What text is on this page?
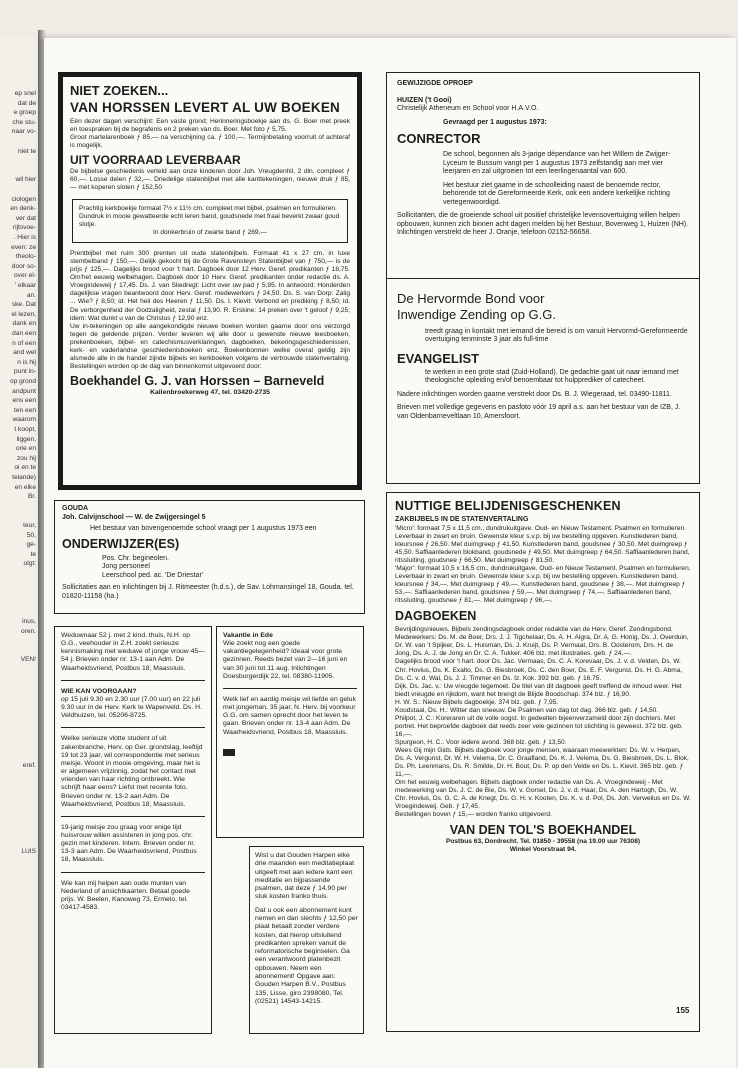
ep snel
dat de
e groep
che stu-
naar vo-
niet te
wil hier
ciologen
en denk-
ver dat
rijtsvoe-
. Hier is
even: ze
theolo-
door so-
over el-
' elkaar
an.
ske. Dat
el lezen,
dank en
dan een
n of een
and wel
n is hij
punt in-
op grond
andpunt
ens een
ten een
waarom
t koopt,
liggen,
orie en
zou hij
oi en te
telande)
en elke
Br.
teur,
50,
ge-
te
olgt:
inus,
oren.
VEN!
eref.
LUIS
NIET ZOEKEN...
VAN HORSSEN LEVERT AL UW BOEKEN

Eén dezer dagen verschijnt: Een vaste grond; Herinneringsboekje aan ds. G. Boer met preek en toespraken bij de begrafenis en 2 preken van ds. Boer. Met foto ƒ 5,75.

Groot martelarenboek ƒ 85,— na verschijning ca. ƒ 100,—. Termijnbetaling voorruit of achteraf is mogelijk.

UIT VOORRAAD LEVERBAAR

De bijbelse geschiedenis verteld aan onze kinderen door Joh. Vreugdenhil, 2 dln. compleet ƒ 60,—. Losse delen ƒ 32,—. Driedelige statenbijbel met alle kanttekeningen, nieuwe druk ƒ 85,— met koperen sloten ƒ 152,50

Prachtig kerkboekje formaat 7½ x 11½ cm. compleet met bijbel, psalmen en formulieren. Dundruk in mooie gewatteerde echt leren band, goudsnede met fraai beverkt zwaar goud slotje.

In donkerbruin of zwarte band ƒ 269,—

Prentbijbel met ruim 300 prenten uit oude statenbijbels. Formaat 41 x 27 cm. in luxe stembelband ƒ 150,—. Gelijk gekocht bij de Grote Ravensteyn Statenbijbel van ƒ 750,— is de prijs ƒ 125,—. Dagelijks brood voor 't hart. Dagboek door 12 Herv. Geref. predikanten ƒ 18,75. Om'het eeuwig welbehagen. Dagboek door 10 Herv. Geref. predikanten onder redactie ds. A. Vroegindeweij ƒ 17,45. Ds. J. van Sliedregt: Licht over uw pad ƒ 5,95. In antwoord: Honderden dagelijkse vragen beantwoord door Herv. Geref. medewerkers ƒ 24,50. Ds. S. van Dorp: Zalig ... Wie? ƒ 8,50; id. Het heil des Heeren ƒ 11,50. Ds. I. Kievit: Verbond en prediking ƒ 8,50; id. De verborgenheid der Godzaligheid, zestal ƒ 13,90. R. Erskine: 14 preken over 't geloof ƒ 9,25; idem: Wat dunkt u van de Christus ƒ 12,90 enz.

Uw in-tekeningen op alle aangekondigde nieuwe boeken worden gaarne door ons verzorgd tegen de geldende prijzen. Verder leveren wij alle door u gewenste nieuwe leesboeken, prekenboeken, bijbel- en catechismusverklaringen, dagboeken, bekeringsgeschiedenissen, kerk- en vaderlandse geschiedenisboeken enz. Boekenbonnen welke overal geldig zijn alsmede alle in de handel zijnde bijbels en kerkboeken volgens de vertrouwde statenvertaling. Bestellingen worden op de dag van binnenkomst uitgevoerd door:

Boekhandel G. J. van Horssen – Barneveld

Kallenbroekerweg 47, tel. 03420-2735

GOUDA

Joh. Calvijnschool — W. de Zwijgersingel 5

Het bestuur van bovengenoemde school vraagt per 1 augustus 1973 een

ONDERWIJZER(ES)

Pos. Chr. begineolen.

Jong personeel

Leerschool ped. ac. 'De Driestar'

Sollicitaties aan en inlichtingen bij J. Ritmeester (h.d.s.), de Sav. Lohmansingel 18, Gouda. tel. 01820-11158 (ha.)

Weduwnaar 52 j. met 2 kind. thuis, N.H. op G.G., veehouder in Z.H. zoekt serieuze kennismaking met weduwe of jonge vrouw 45—54 j. Brieven onder nr. 13-1 aan Adm. De Waarheidsvriend, Postbus 18, Maassluis.

WIE KAN VOORGAAN?

op 15 juli 9.30 en 2.30 uur (7.00 uur) en 22 juli 9.30 uur in de Herv. Kerk te Wapenveld. Ds. H. Veldhuizen, tel. 05206-8725.

Welke serieuze vlotte student of uit zakenbranche, Herv. op Ger. grondslag, leeftijd 19 tot 23 jaar, wil correspondentie met serieus meisje. Woont in mooie omgeving, maar het is er algemeen vrijzinnig, zodat het contact met vrienden van haar richting ontbreekt. Wie schrijft haar eens? Liefst met recente foto. Brieven onder nr. 13-2 aan Adm. De Waarheidsvriend, Postbus 18, Maassluis.

19-jarig meisje zou graag voor enige tijd huisvrouw willen assisteren in jong pos. chr. gezin met kinderen. Intern. Brieven onder nr. 13-3 aan Adm. De Waarheidsvriend, Postbus 18, Maassluis.

Wie kan mij helpen aan oude munten van Nederland of ansichtkaarten. Betaal goede prijs. W. Beelen, Kanoweg 73, Ermelo, tel. 03417-4583.

Vakantie in Ede

Wie zoekt nog een goede vakantiegelegenheid? Ideaal voor grote gezinnen. Reeds bezet van 2—16 juni en van 30 juni tot 11 aug. Inlichtingen Doesburgerdijk 22, tel. 08380-11905.

Welk lief en aardig meisje wil liefde en geluk met jongeman, 35 jaar, N. Herv. bij voorkeur G.G. om samen oprecht door het leven te gaan. Brieven onder nr. 13-4 aan Adm. De Waarheidsvriend, Postbus 18, Maassluis.

Wist u dat Gouden Harpen elke drie maanden een meditatieplaat uitgeeft met aan iedere kant een meditatie en bijpassende psalmen, dat deze ƒ 14,90 per stuk kosten franko thuis.

Dat u ook een abonnement kunt nemen en dan slechts ƒ 12,50 per plaat betaalt zonder verdere kosten, dat hierop uitsluitend predikanten spreken vanuit de reformatorische beginselen. Ga een verantwoord platenbezit opbouwen. Neem een abonnement! Opgave aan: Gouden Harpen B.V., Postbus 135, Lisse, giro 2398080, Tel. (02521) 14543-14215.

GEWIJZIGDE OPROEP

HUIZEN ('t Gooi)

Christelijk Atheneum en School voor H.A.V.O.

Gevraagd per 1 augustus 1973:

CONRECTOR

De school, begonnen als 3-jarige dépendance van het Willem de Zwijger-Lyceum te Bussum vangt per 1 augustus 1973 zelfstandig aan met vier leerjaren en zal uitgroeien tot een leerlingenaantal van 600.

Het bestuur ziet gaarne in de schoolleiding naast de benoemde rector, behorende tot de Gereformeerde Kerk, ook een andere kerkelijke richting vertegenwoordigd.

Sollicitanten, die de groeiende school uit positief christelijke levensovertuiging willen helpen opbouwen, kunnen zich binnen acht dagen melden bij het Bestuur, Bovenweg 1, Huizen (NH). Inlichtingen verstrekt de heer J. Oranje, telefoon 02152-56658.

De Hervormde Bond voor

Inwendige Zending op G.G.

treedt graag in kontakt met iemand die bereid is om vanuit Hervormd-Gereformeerde overtuiging tenminste 3 jaar als full-time

EVANGELIST

te werken in een grote stad (Zuid-Holland). De gedachte gaat uit naar iemand met theologische opleiding en/of benoembaar tot hulpprediker of catecheet.

Nadere inlichtingen worden gaarne verstrekt door Ds. B. J. Wiegeraad, tel. 03490-11811.

Brieven met volledige gegevens en pasfoto vóór 19 april a.s. aan het bestuur van de IZB, J. van Oldenbarneveltlaan 10, Amersfoort.

NUTTIGE BELIJDENISGESCHENKEN

ZAKBIJBELS IN DE STATENVERTALING

'Micro': formaat 7,5 x 11,5 cm., dundrukuitgave. Oud- en Nieuw Testament. Psalmen en formulieren. Leverbaar in zwart en bruin. Gewenste kleur s.v.p. bij uw bestelling opgeven. Kunstlederen band, kleursnee ƒ 26,50. Met duimgreep ƒ 41,50. Kunstlederen band, goudsnee ƒ 30,50. Met duimgreep ƒ 45,50. Saffiaanlederen blokband, goudsnede ƒ 49,50. Met duimgreep ƒ 64,50. Saffiaanlederen band, ritssluiting, goudsnee ƒ 66,50. Met duimgreep ƒ 81,50.

'Major': formaat 10,5 x 16,5 cm., dundrukuitgave. Oud- en Nieuw Testament. Psalmen en formulieren. Leverbaar in zwart en bruin. Gewenste kleur s.v.p. bij uw bestelling opgeven. Kunstlederen band, kleursnee ƒ 34,—. Met duimgreep ƒ 49,—. Kunstlederen band, goudsnee ƒ 38,—. Met duimgreep ƒ 53,—. Saffiaanlederen band, goudsnee ƒ 59,—. Met duimgreep ƒ 74,—. Saffiaanlederen band, ritssluiting, goudsnee ƒ 81,—. Met duimgreep ƒ 96,—.

DAGBOEKEN

Bevrijdingsnieuws. Bijbels zendingsdagboek onder redaktie van de Herv. Geref. Zendingsbond. Medewerkers: Ds. M. de Boer, Drs. J. J. Tigchelaar, Ds. A. H. Algra, Dr. A. G. Honig, Ds. J. Overduin, Dr. W. van 't Spijker, Ds. L. Huisman, Ds. J. Kruijt, Ds. P. Vermaat, Drs. B. Oosterom, Drs. H. de Jong, Ds. A. J. de Jong en Dr. C. A. Tukker. 406 blz. met illustraties. geb. ƒ 24,—.

Dagelijks brood voor 't hart. door Ds. Jac. Vermaas, Ds. C. A. Korevaar, Ds. J. v. d. Velden, Ds. W. Chr. Hovius, Ds. K. Exalto, Ds. G. Biesbroek, Ds. C. den Boer, Ds. E. F. Vergunst, Ds. H. G. Abma, Ds. C. v. d. Wal, Ds. J. J. Timmer en Ds. Iz. Kok. 392 blz. geb. ƒ 16.75.

Dijk, Ds. Jac. v.: Uw vreugde tegemoet. De titel van dit dagboek geeft treffend de inhoud weer. Het biedt vreugde en rijkdom, want het brengt de Blijde Boodschap. 374 blz. ƒ 16,90.

H. W. S.: Nieuw Bijbels dagboekje. 374 blz. geb. ƒ 7,95.

Koudstaal, Ds. H.: Witter dan sneeuw. De Psalmen van dag tot dag. 366 blz. geb. ƒ 14,50.

Philpot, J. C.: Koreraren uit de volle oogst. In gedeelten bijeenverzameld door zijn dochters. Met portret. Het beproefde dagboek dat reeds zeer vele gezinnen tot stichting is geweest. 372 blz. geb. 16,—.

Spurgeon, H. C.: Voor iedere avond. 368 blz. geb. ƒ 13,50.

Wees Gij mijn Gids. Bijbels dagboek voor jonge mensen, waaraan meewerkten: Ds. W. v. Herpen, Ds. A. Vergunst, Dr. W. H. Velema, Dr. C. Graafland, Ds. K. J. Velema, Ds. G. Biesbroek, Ds. L. Blok, Ds. Ph. Leenmans, Ds. R. Smilde, Dr. H. Bout, Ds. P. op den Velde en Ds. L. Kievit. 365 blz. geb. ƒ 11,—.

Om het eeuwig welbehagen. Bijbels dagboek onder redactie van Ds. A. Vroegindeweij - Met medewerking van Ds. J. C. de Bie, Ds. W. v. Gorsel, Ds. J. v. d. Haar, Ds. A. den Hartogh, Ds. W. Chr. Hovius, Ds. G. C. A. de Knegt, Ds. G. H. v. Kooten, Ds. K. v. d. Pol, Ds. Joh. Verwelius en Ds. W. Vroegindeweij. Geb. ƒ 17,45.

Bestellingen boven ƒ 15,— worden franko uitgevoerd.

VAN DEN TOL'S BOEKHANDEL

Postbus 63, Dordrecht. Tel. 01850 - 39558 (na 19.00 uur 76308)

Winkel Voorstraat 94.

155
